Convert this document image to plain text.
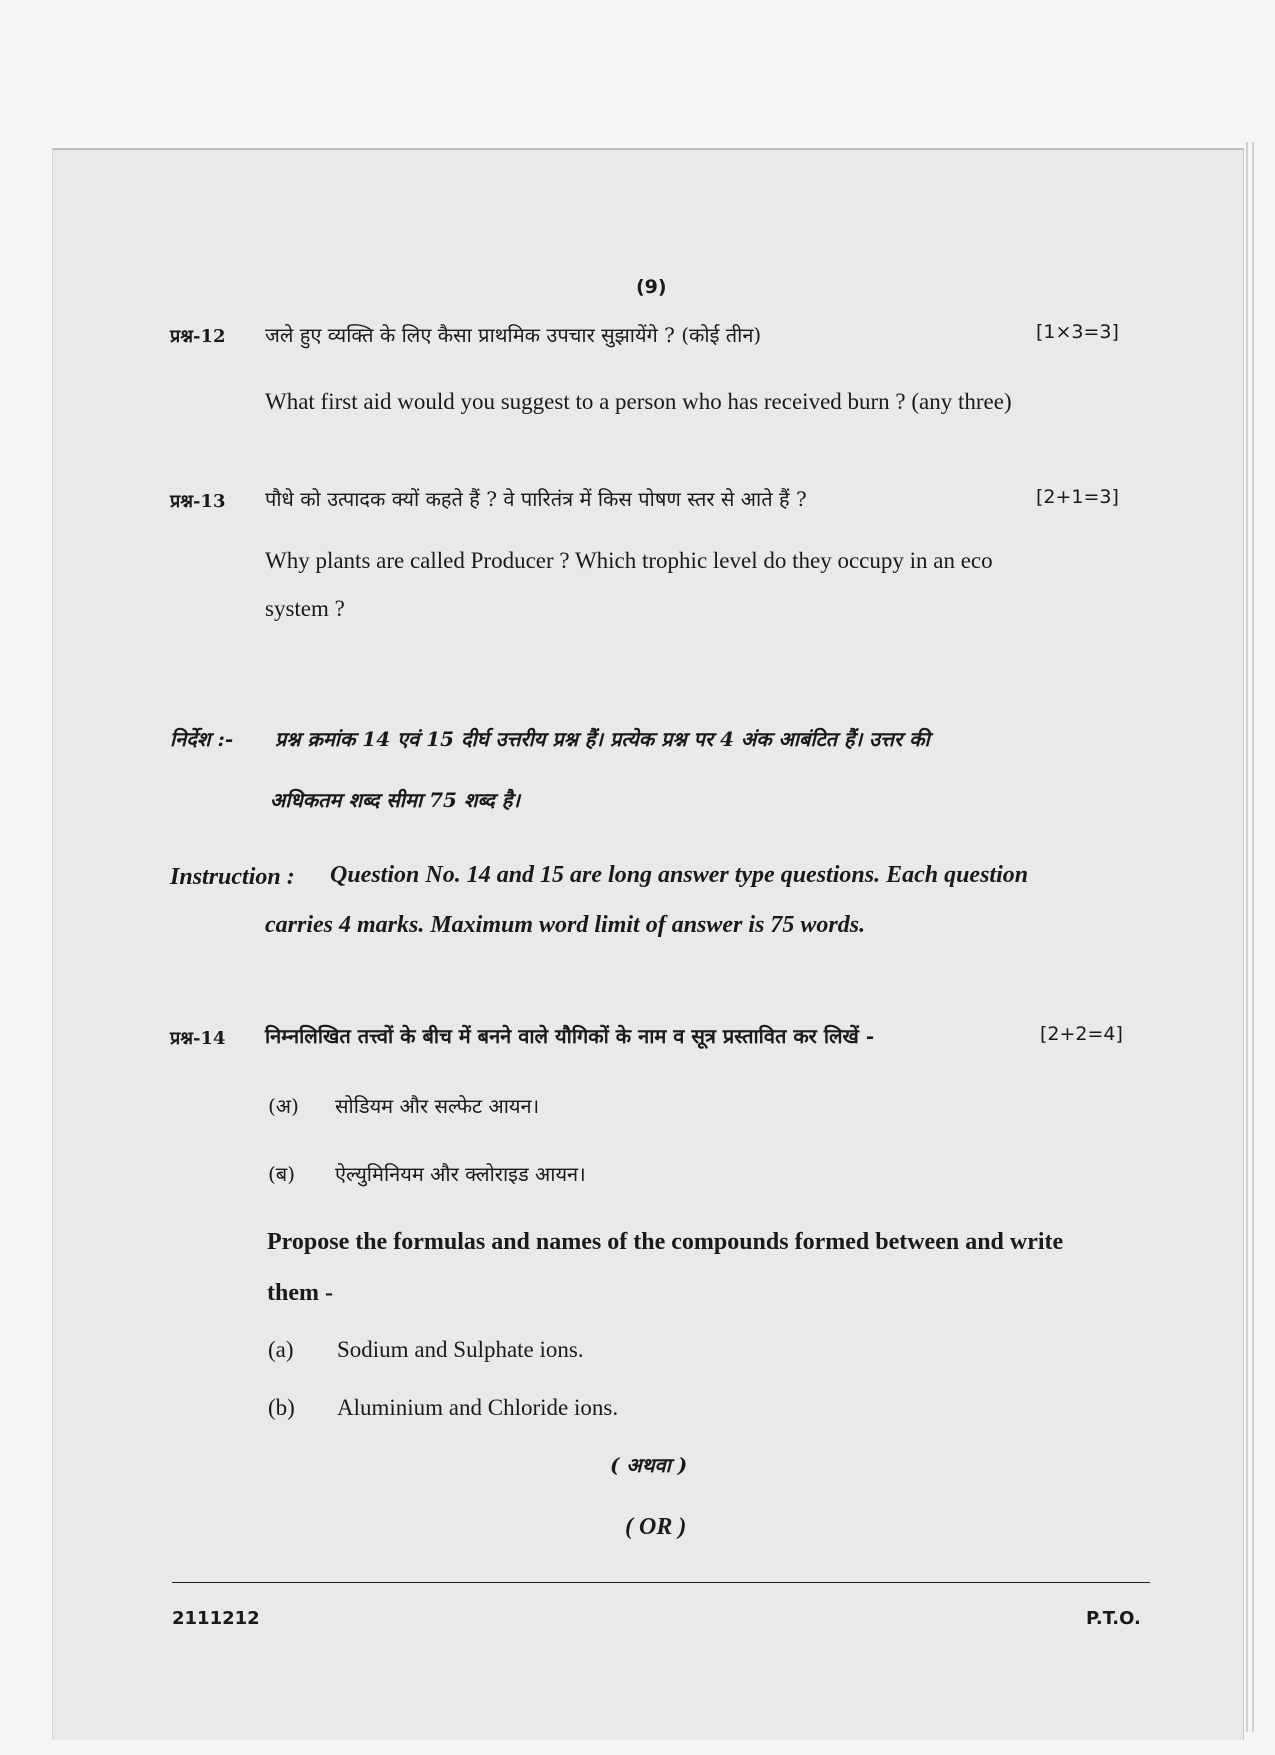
(9)

प्रश्न-12 जले हुए व्यक्ति के लिए कैसा प्राथमिक उपचार सुझायेंगे ? (कोई तीन)	[1×3=3]

What first aid would you suggest to a person who has received burn ? (any three)

प्रश्न-13 पौधे को उत्पादक क्यों कहते हैं ? वे पारितंत्र में किस पोषण स्तर से आते हैं ?	[2+1=3]

Why plants are called Producer ? Which trophic level do they occupy in an eco

system ?

निर्देश :- प्रश्न क्रमांक 14 एवं 15 दीर्घ उत्तरीय प्रश्न हैं। प्रत्येक प्रश्न पर 4 अंक आबंटित हैं। उत्तर की

अधिकतम शब्द सीमा 75 शब्द है।

Instruction : Question No. 14 and 15 are long answer type questions. Each question

carries 4 marks. Maximum word limit of answer is 75 words.

प्रश्न-14 निम्नलिखित तत्त्वों के बीच में बनने वाले यौगिकों के नाम व सूत्र प्रस्तावित कर लिखें -	[2+2=4]

(अ) सोडियम और सल्फेट आयन।

(ब) ऐल्युमिनियम और क्लोराइड आयन।

Propose the formulas and names of the compounds formed between and write

them -

(a) Sodium and Sulphate ions.

(b) Aluminium and Chloride ions.

( अथवा )

( OR )

2111212	P.T.O.
